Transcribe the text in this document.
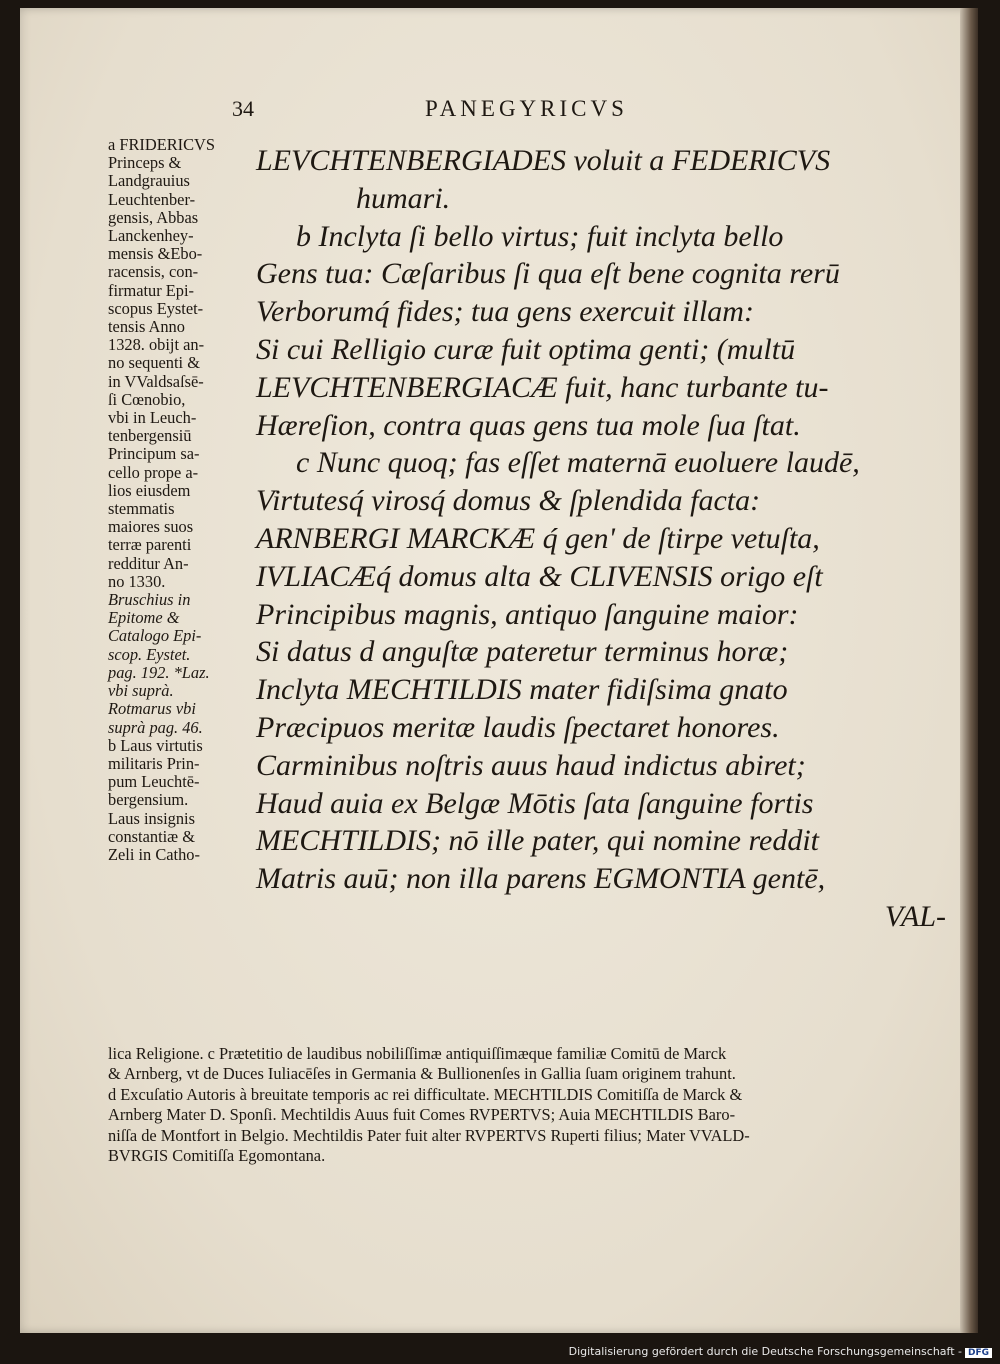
34	PANEGYRICVS
a FRIDERICVS
Princeps &
Landgrauius
Leuchtenber-
gensis, Abbas
Lanckenhey-
mensis &Ebo-
racensis, con-
firmatur Epi-
scopus Eystet-
tensis Anno
1328. obijt an-
no sequenti &
in VValdsaſsē-
ſi Cœnobio,
vbi in Leuch-
tenbergensiū
Principum sa-
cello prope a-
lios eiusdem
stemmatis
maiores suos
terræ parenti
redditur An-
no 1330.
Bruschius in
Epitome &
Catalogo Epi-
scop. Eystet.
pag. 192. *Laz.
vbi suprà.
Rotmarus vbi
suprà pag. 46.
b Laus virtutis
militaris Prin-
pum Leuchtē-
bergensium.
Laus insignis
constantiæ &
Zeli in Catho-
LEVCHTENBERGIADES voluit a FEDERICVS
humari.
b Inclyta ſi bello virtus; fuit inclyta bello
Gens tua: Cæſaribus ſi qua eſt bene cognita rerū
Verborumq́ fides; tua gens exercuit illam:
Si cui Relligio curæ fuit optima genti; (multū
LEVCHTENBERGIACÆ fuit, hanc turbante tu-
Hæreſion, contra quas gens tua mole ſua ſtat.
c Nunc quoq; fas eſſet maternā euoluere laudē,
Virtutesq́ virosq́ domus & ſplendida facta:
ARNBERGI MARCKÆ q́ gen' de ſtirpe vetuſta,
IVLIACÆq́ domus alta & CLIVENSIS origo eſt
Principibus magnis, antiquo ſanguine maior:
Si datus d anguſtæ pateretur terminus horæ;
Inclyta MECHTILDIS mater fidiſsima gnato
Præcipuos meritæ laudis ſpectaret honores.
Carminibus noſtris auus haud indictus abiret;
Haud auia ex Belgæ Mōtis ſata ſanguine fortis
MECHTILDIS; nō ille pater, qui nomine reddit
Matris auū; non illa parens EGMONTIA gentē,
VAL-
lica Religione. c Prætetitio de laudibus nobiliſſimæ antiquiſſimæque familiæ Comitū de Marck
& Arnberg, vt de Duces Iuliacēſes in Germania & Bullionenſes in Gallia ſuam originem trahunt.
d Excuſatio Autoris à breuitate temporis ac rei difficultate. MECHTILDIS Comitiſſa de Marck &
Arnberg Mater D. Sponſi. Mechtildis Auus fuit Comes RVPERTVS; Auia MECHTILDIS Baro-
niſſa de Montfort in Belgio. Mechtildis Pater fuit alter RVPERTVS Ruperti filius; Mater VVALD-
BVRGIS Comitiſſa Egomontana.
Digitalisierung gefördert durch die Deutsche Forschungsgemeinschaft - DFG
